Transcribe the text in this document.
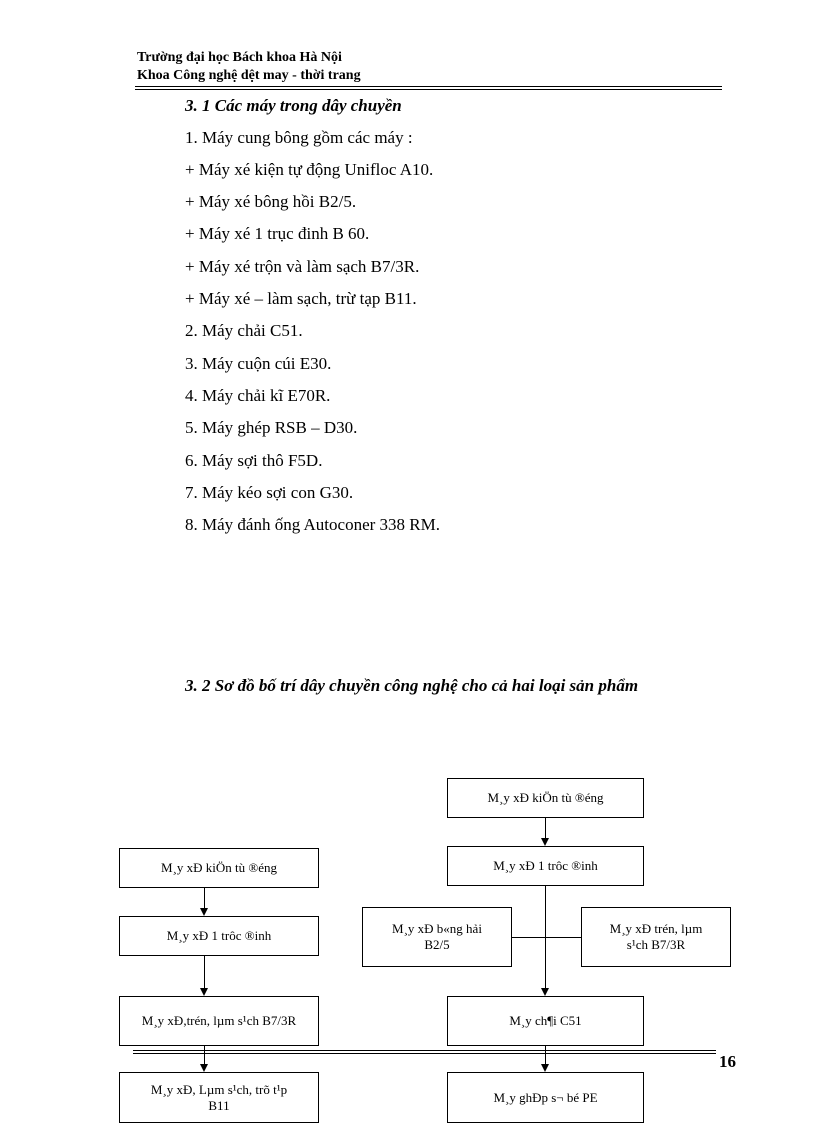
Trường đại học Bách khoa Hà Nội
Khoa Công nghệ dệt may - thời trang
3. 1 Các máy trong dây chuyền
1. Máy cung bông gồm các máy :
+ Máy xé kiện tự động Unifloc A10.
+ Máy xé bông hồi B2/5.
+ Máy xé 1 trục đinh B 60.
+ Máy xé trộn và làm sạch B7/3R.
+ Máy xé – làm sạch, trừ tạp B11.
2. Máy chải C51.
3. Máy cuộn cúi E30.
4. Máy chải kĩ E70R.
5. Máy ghép RSB – D30.
6. Máy sợi thô F5D.
7. Máy kéo sợi con G30.
8. Máy đánh ống Autoconer 338 RM.
3. 2 Sơ đồ bố trí dây chuyền công nghệ cho cả hai loại sản phẩm
M¸y xÐ kiÖn tù ®éng
M¸y xÐ 1 trôc ®inh
M¸y xÐ,trén, lµm s¹ch B7/3R
M¸y xÐ, Lµm s¹ch, trõ t¹p
B11
M¸y xÐ kiÖn tù ®éng
M¸y xÐ 1 trôc ®inh
M¸y xÐ b«ng hải
B2/5
M¸y xÐ trén, lµm
s¹ch B7/3R
M¸y ch¶i C51
M¸y ghÐp s¬ bé PE
16
